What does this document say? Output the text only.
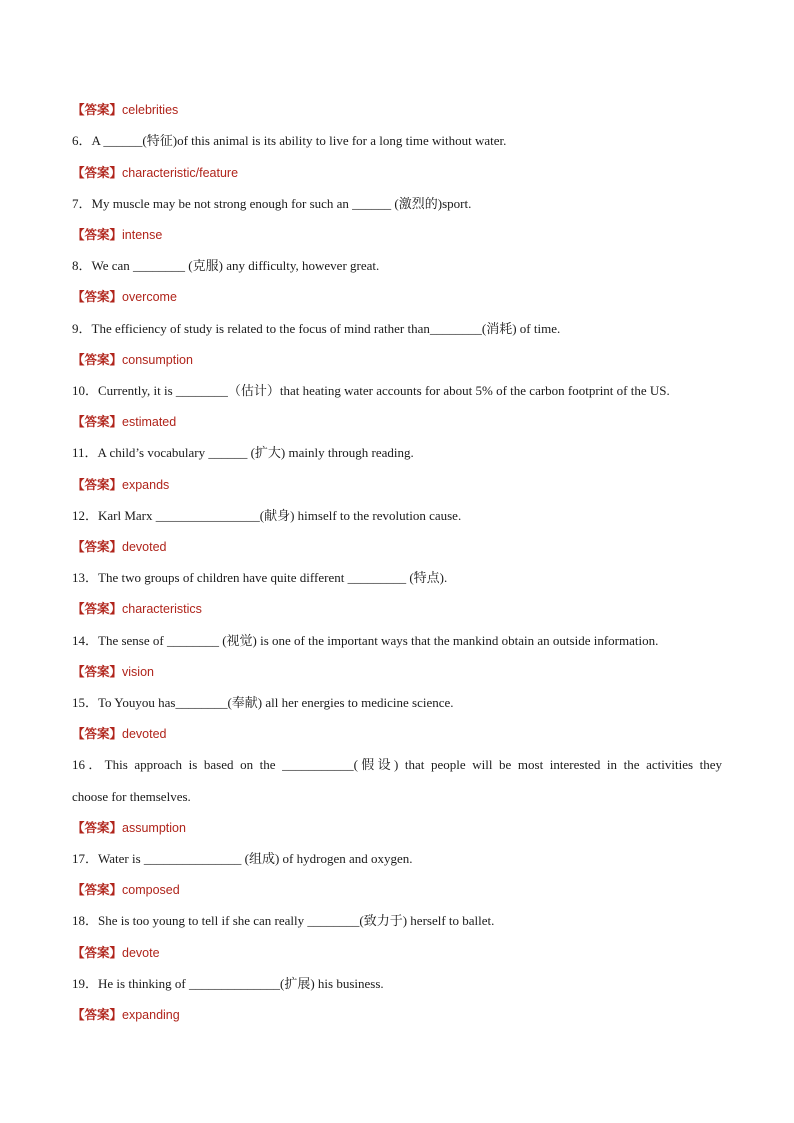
【答案】celebrities
6．A ______(特征)of this animal is its ability to live for a long time without water.
【答案】characteristic/feature
7．My muscle may be not strong enough for such an ______ (激烈的)sport.
【答案】intense
8．We can ________ (克服) any difficulty, however great.
【答案】overcome
9．The efficiency of study is related to the focus of mind rather than________(消耗) of time.
【答案】consumption
10．Currently, it is ________（估计）that heating water accounts for about 5% of the carbon footprint of the US.
【答案】estimated
11．A child’s vocabulary ______ (扩大) mainly through reading.
【答案】expands
12．Karl Marx ________________(献身) himself to the revolution cause.
【答案】devoted
13．The two groups of children have quite different _________ (特点).
【答案】characteristics
14．The sense of ________ (视觉) is one of the important ways that the mankind obtain an outside information.
【答案】vision
15．To Youyou has________(奉献) all her energies to medicine science.
【答案】devoted
16．This approach is based on the ___________(假设) that people will be most interested in the activities they
choose for themselves.
【答案】assumption
17．Water is _______________ (组成) of hydrogen and oxygen.
【答案】composed
18．She is too young to tell if she can really ________(致力于) herself to ballet.
【答案】devote
19．He is thinking of ______________(扩展) his business.
【答案】expanding
